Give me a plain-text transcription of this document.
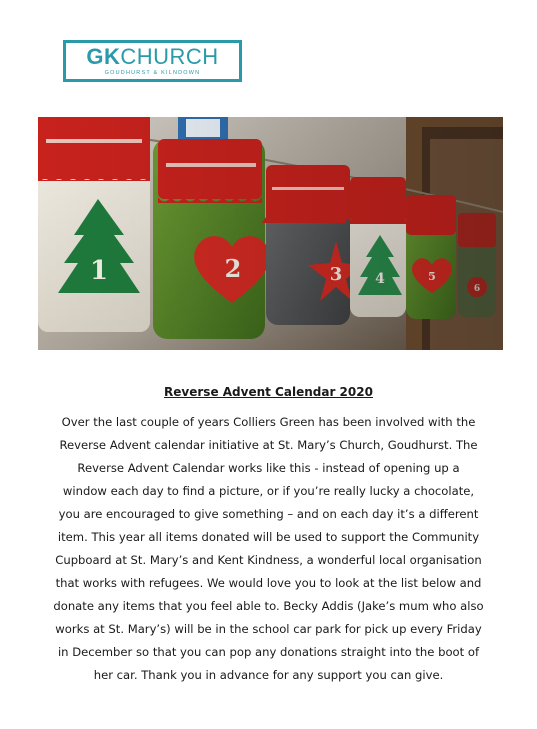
GKCHURCH
GOUDHURST & KILNDOWN
1	2	3 4	5
6
Reverse Advent Calendar 2020

Over the last couple of years Colliers Green has been involved with the
Reverse Advent calendar initiative at St. Mary’s Church, Goudhurst. The
Reverse Advent Calendar works like this - instead of opening up a
window each day to find a picture, or if you’re really lucky a chocolate,
you are encouraged to give something – and on each day it’s a different
item. This year all items donated will be used to support the Community
Cupboard at St. Mary’s and Kent Kindness, a wonderful local organisation
that works with refugees. We would love you to look at the list below and
donate any items that you feel able to. Becky Addis (Jake’s mum who also
works at St. Mary’s) will be in the school car park for pick up every Friday
in December so that you can pop any donations straight into the boot of
her car. Thank you in advance for any support you can give.
